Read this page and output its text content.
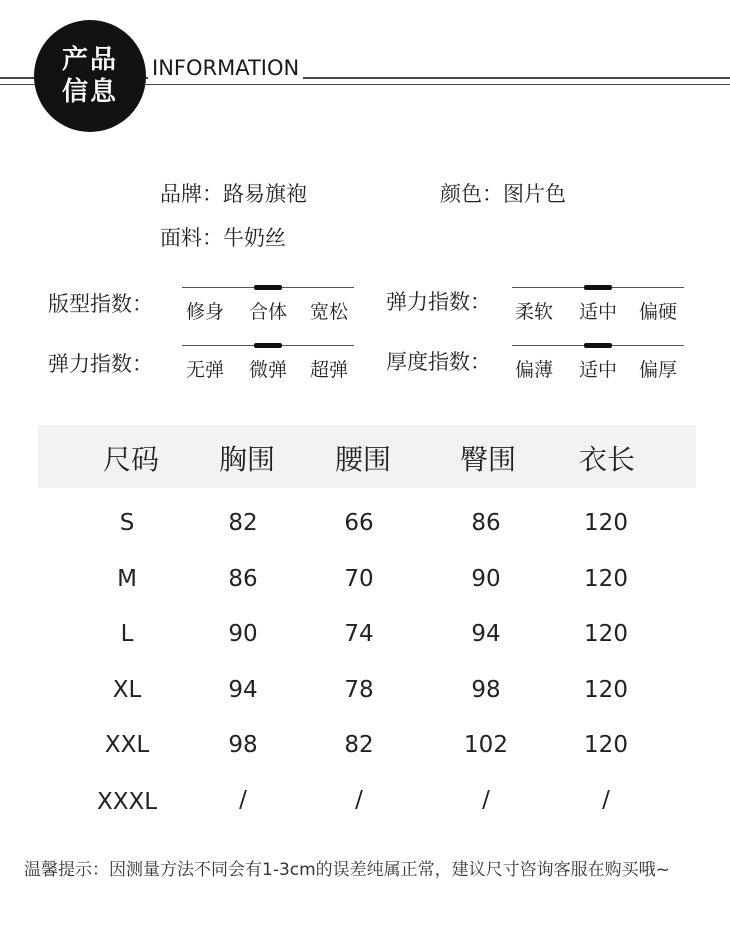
产品
信息
INFORMATION
品牌：路易旗袍	颜色：图片色
面料：牛奶丝
版型指数：	修身	合体	宽松	弹力指数：	柔软	适中	偏硬
弹力指数：	无弹	微弹	超弹	厚度指数：	偏薄	适中	偏厚
尺码	胸围	腰围	臀围	衣长
S	82	66	86	120
M	86	70	90	120
L	90	74	94	120
XL	94	78	98	120
XXL	98	82	102	120
XXXL	/	/	/	/
温馨提示：因测量方法不同会有1-3cm的误差纯属正常，建议尺寸咨询客服在购买哦~
